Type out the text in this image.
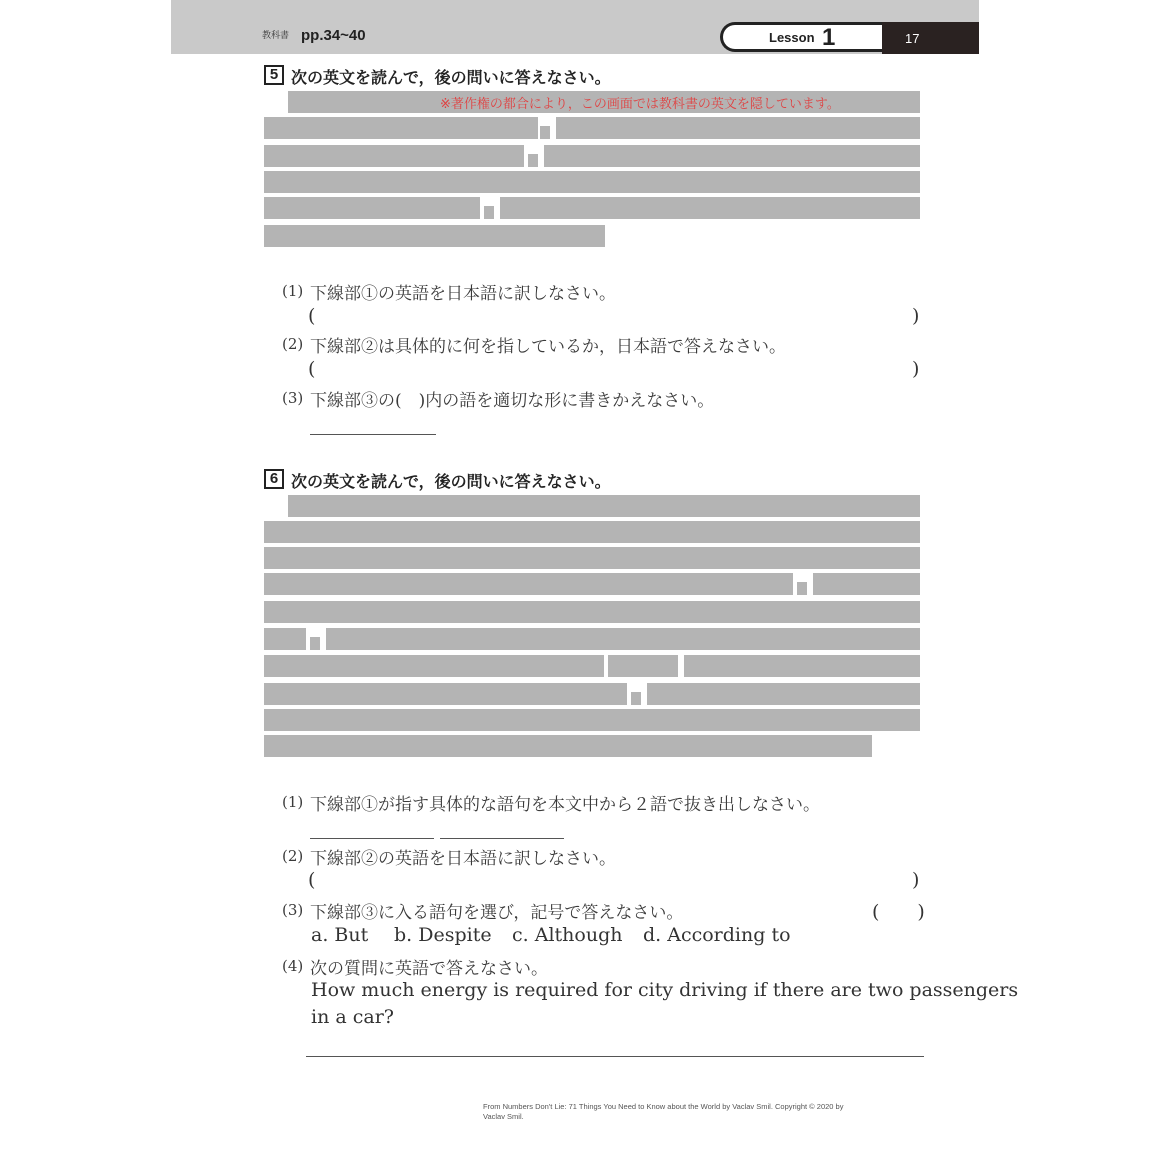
教科書 pp.34~40	Lesson 1	17
5 次の英文を読んで，後の問いに答えなさい。
※著作権の都合により，この画面では教科書の英文を隠しています。
(1) 下線部①の英語を日本語に訳しなさい。
(	)
(2) 下線部②は具体的に何を指しているか，日本語で答えなさい。
(	)
(3) 下線部③の(　)内の語を適切な形に書きかえなさい。
6 次の英文を読んで，後の問いに答えなさい。
(1) 下線部①が指す具体的な語句を本文中から２語で抜き出しなさい。
(2) 下線部②の英語を日本語に訳しなさい。
(	)
(3) 下線部③に入る語句を選び，記号で答えなさい。	(　　)
a. But b. Despite c. Although d. According to
(4) 次の質問に英語で答えなさい。
How much energy is required for city driving if there are two passengers
in a car?
From Numbers Don't Lie: 71 Things You Need to Know about the World by Vaclav Smil. Copyright © 2020 by
Vaclav Smil.
